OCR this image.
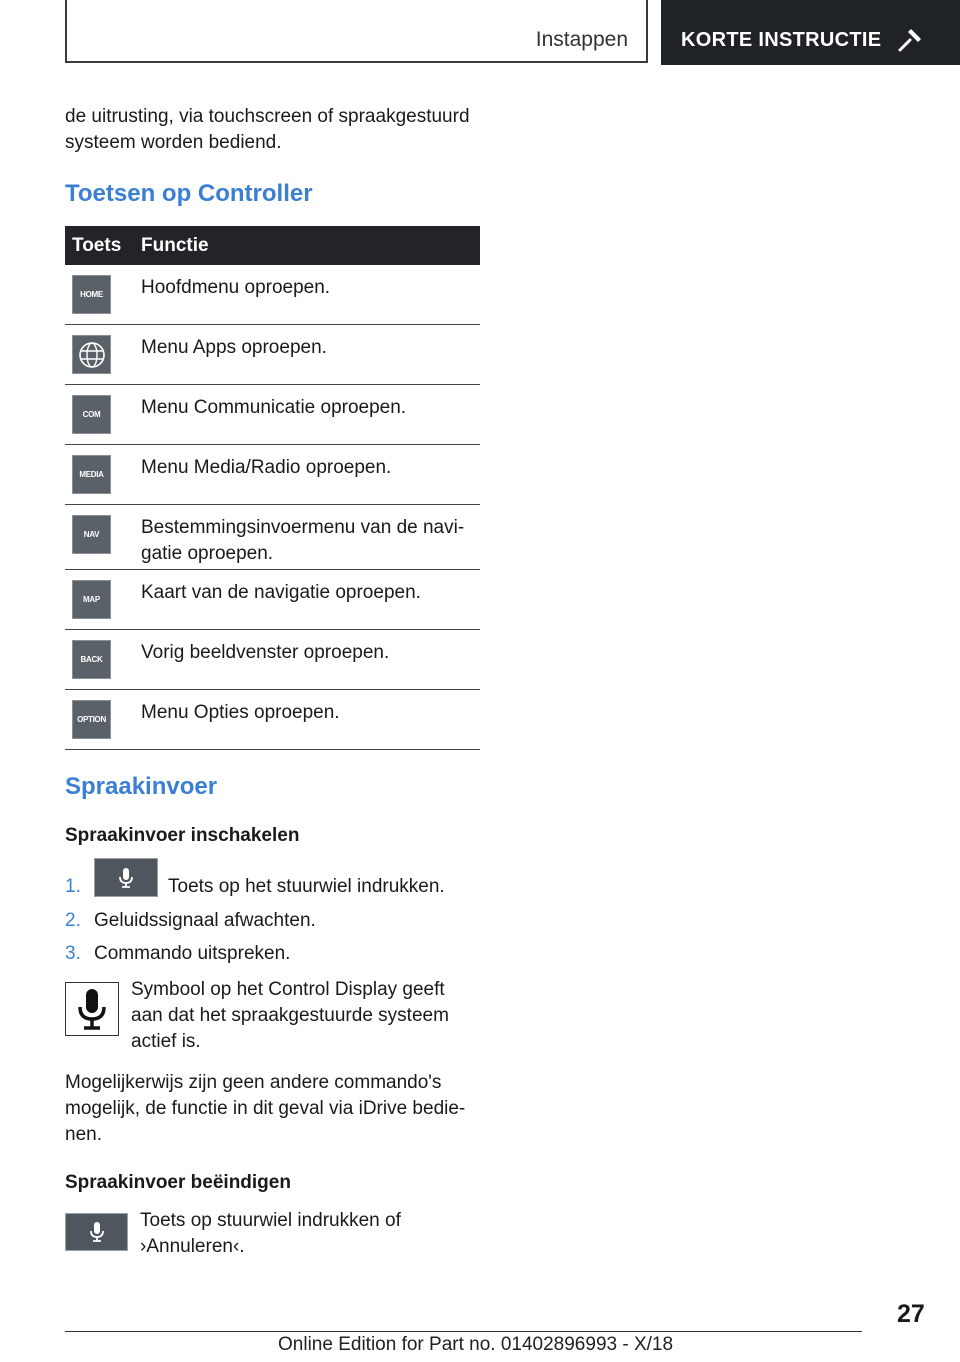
Instappen	KORTE INSTRUCTIE
de uitrusting, via touchscreen of spraakgestuurd systeem worden bediend.
Toetsen op Controller
Toets Functie
HOME	Hoofdmenu oproepen.
Menu Apps oproepen.
COM	Menu Communicatie oproepen.
MEDIA	Menu Media/Radio oproepen.
NAV	Bestemmingsinvoermenu van de navi-
gatie oproepen.
MAP	Kaart van de navigatie oproepen.
BACK	Vorig beeldvenster oproepen.
OPTION Menu Opties oproepen.
Spraakinvoer
Spraakinvoer inschakelen
1.	Toets op het stuurwiel indrukken.
2. Geluidssignaal afwachten.
3. Commando uitspreken.
Symbool op het Control Display geeft aan dat het spraakgestuurde systeem actief is.
Mogelijkerwijs zijn geen andere commando's mogelijk, de functie in dit geval via iDrive bedie-
nen.
Spraakinvoer beëindigen
Toets op stuurwiel indrukken of ›Annuleren‹.
27
Online Edition for Part no. 01402896993 - X/18
